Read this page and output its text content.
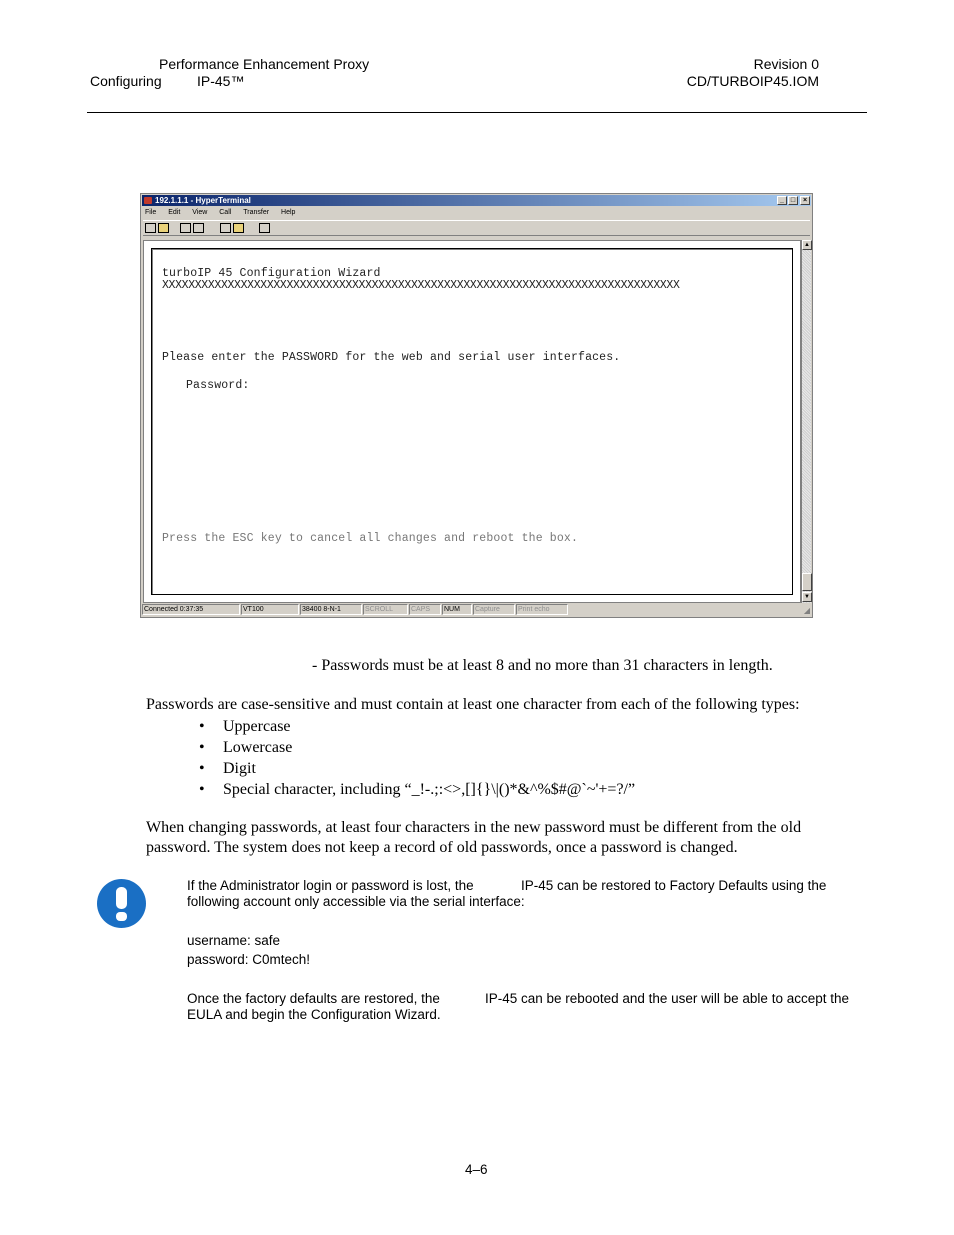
Performance Enhancement Proxy
Configuring	IP-45™
Revision 0
CD/TURBOIP45.IOM
192.1.1.1 - HyperTerminal	_ □	×
File Edit View Call Transfer Help
turboIP 45 Configuration Wizard
XXXXXXXXXXXXXXXXXXXXXXXXXXXXXXXXXXXXXXXXXXXXXXXXXXXXXXXXXXXXXXXXXXXXXXXXXXXXXXX
Please enter the PASSWORD for the web and serial user interfaces.
Password:
Press the ESC key to cancel all changes and reboot the box.
▲
▼
Connected 0:37:35	VT100	38400 8-N-1	SCROLL	CAPS	NUM	Capture	Print echo	◢
- Passwords must be at least 8 and no more than 31 characters in length.
Passwords are case-sensitive and must contain at least one character from each of the following types:
• Uppercase
• Lowercase
• Digit
• Special character, including “_!-.;:<>,[]{}\|()*&^%$#@`~'+=?/”
When changing passwords, at least four characters in the new password must be different from the old
password. The system does not keep a record of old passwords, once a password is changed.
If the Administrator login or password is lost, the	IP-45 can be restored to Factory Defaults using the
following account only accessible via the serial interface:
username: safe
password: C0mtech!
Once the factory defaults are restored, the	IP-45 can be rebooted and the user will be able to accept the
EULA and begin the Configuration Wizard.
4–6
